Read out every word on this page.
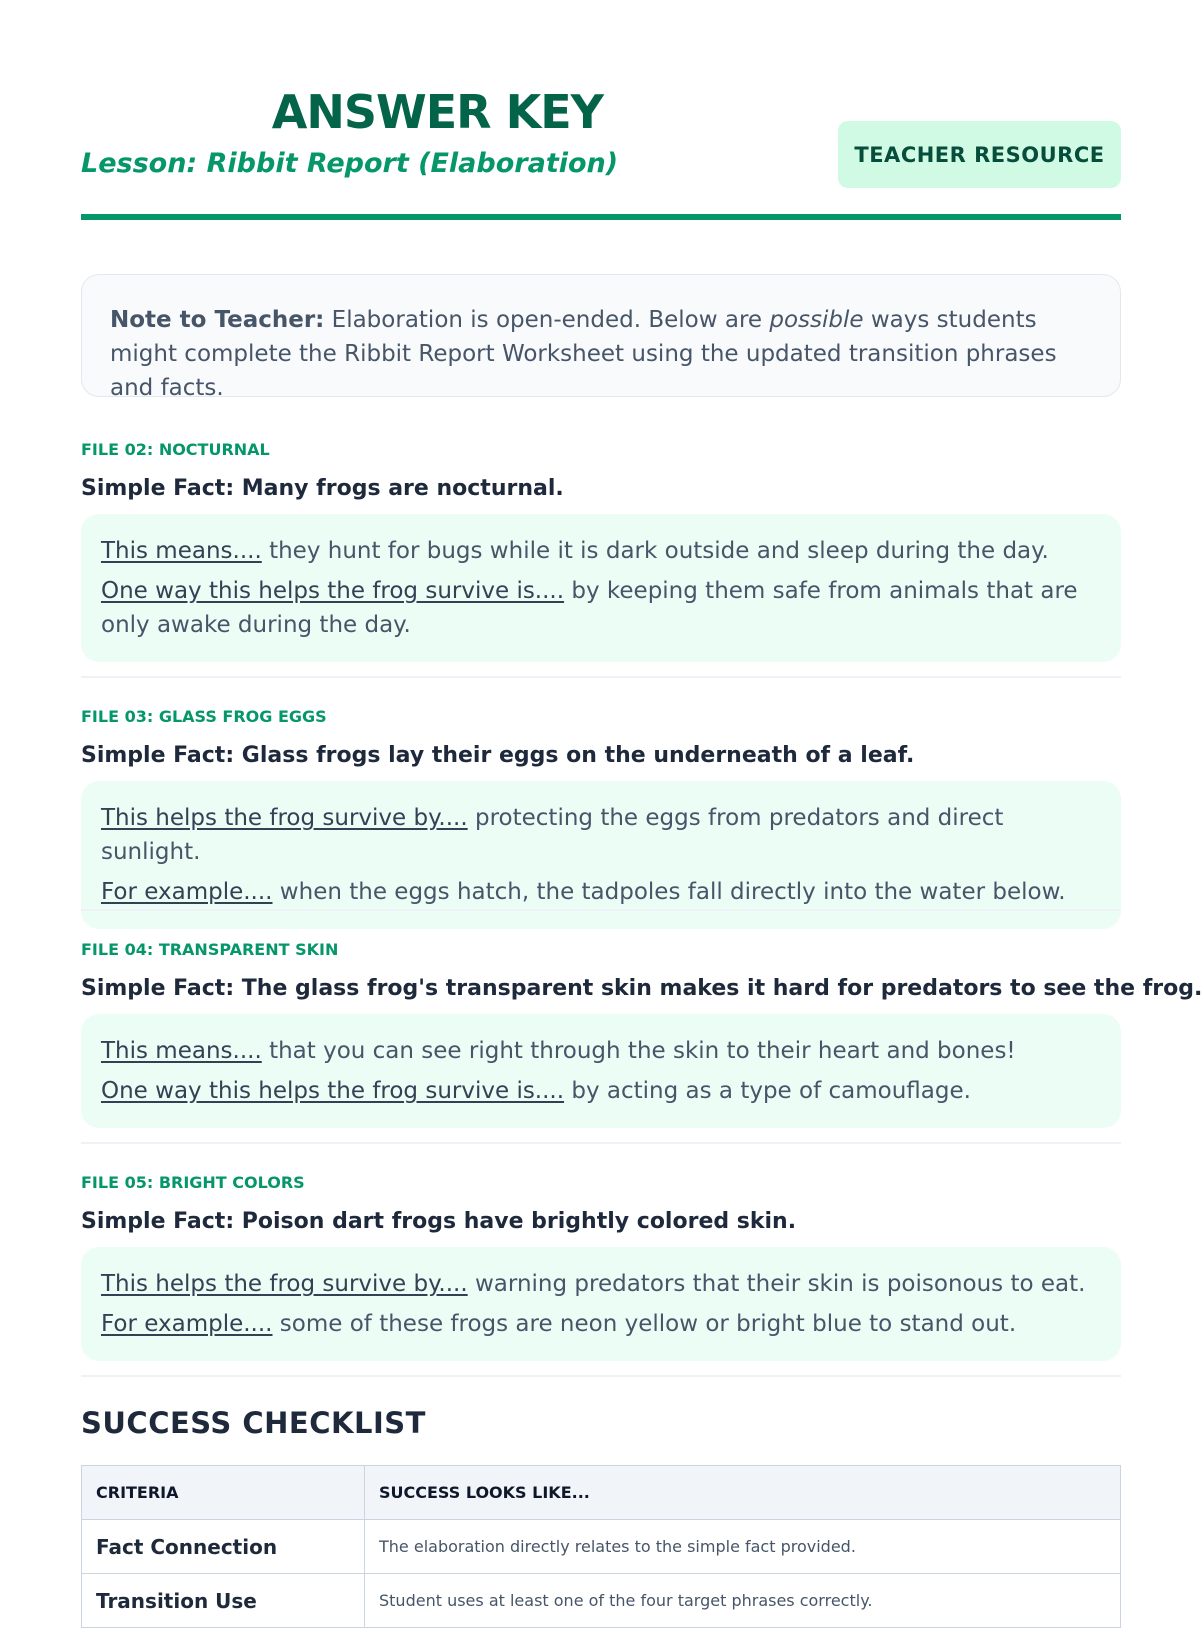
ANSWER KEY
Lesson: Ribbit Report (Elaboration)	TEACHER RESOURCE
Note to Teacher: Elaboration is open-ended. Below are possible ways students might complete the Ribbit Report Worksheet using the updated transition phrases and facts.
FILE 02: NOCTURNAL
Simple Fact: Many frogs are nocturnal.

This means.... they hunt for bugs while it is dark outside and sleep during the day.

One way this helps the frog survive is.... by keeping them safe from animals that are only awake during the day.

FILE 03: GLASS FROG EGGS
Simple Fact: Glass frogs lay their eggs on the underneath of a leaf.

This helps the frog survive by.... protecting the eggs from predators and direct sunlight.

For example.... when the eggs hatch, the tadpoles fall directly into the water below.

FILE 04: TRANSPARENT SKIN
Simple Fact: The glass frog's transparent skin makes it hard for predators to see the frog.

This means.... that you can see right through the skin to their heart and bones!

One way this helps the frog survive is.... by acting as a type of camouflage.

FILE 05: BRIGHT COLORS
Simple Fact: Poison dart frogs have brightly colored skin.

This helps the frog survive by.... warning predators that their skin is poisonous to eat.

For example.... some of these frogs are neon yellow or bright blue to stand out.

SUCCESS CHECKLIST
CRITERIA	SUCCESS LOOKS LIKE...
Fact Connection	The elaboration directly relates to the simple fact provided.
Transition Use	Student uses at least one of the four target phrases correctly.
